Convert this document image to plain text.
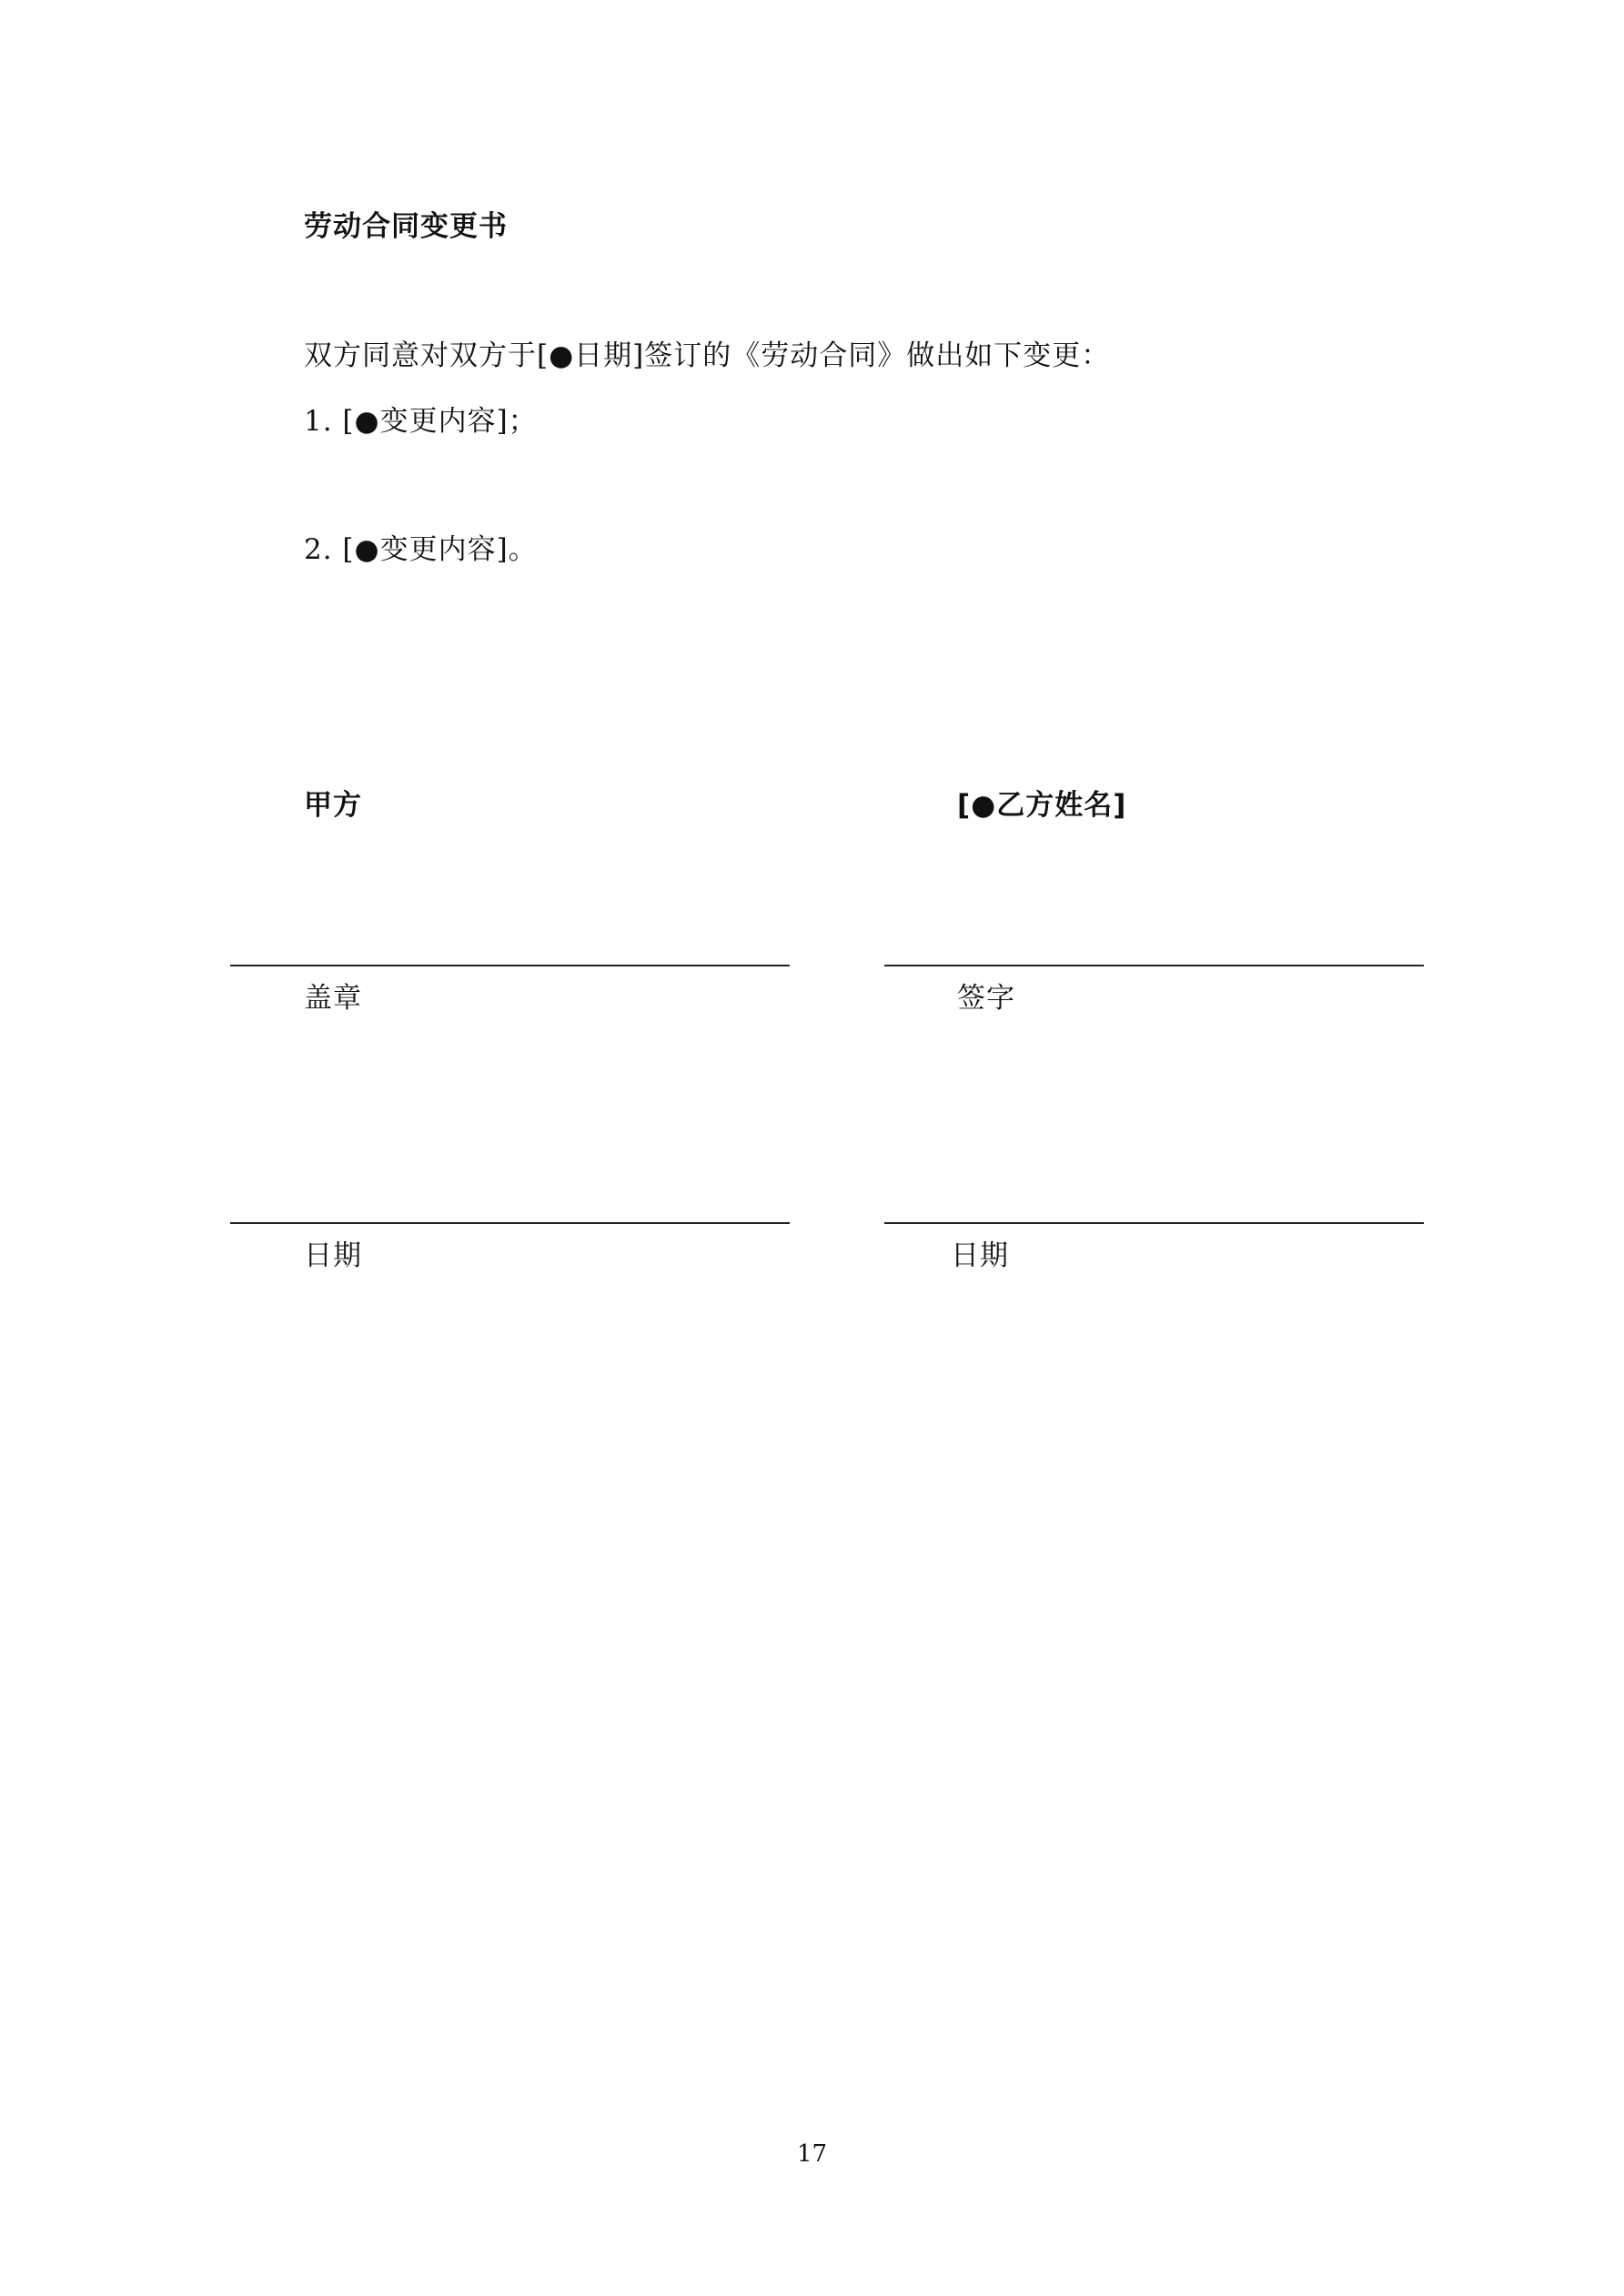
劳动合同变更书
双方同意对双方于[●日期]签订的《劳动合同》做出如下变更：
1. [●变更内容]；
2. [●变更内容]。
甲方	[●乙方姓名]
盖章	签字
日期	日期
17
